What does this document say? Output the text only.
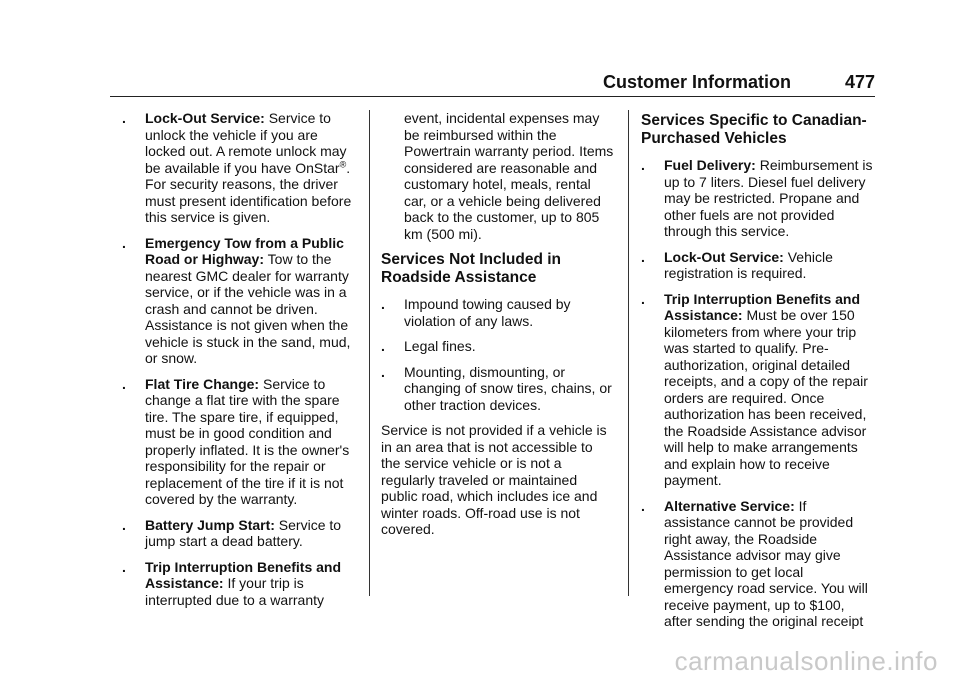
Customer Information	477
. Lock-Out Service: Service to unlock the vehicle if you are locked out. A remote unlock may be available if you have OnStar®. For security reasons, the driver must present identification before this service is given.
. Emergency Tow from a Public Road or Highway: Tow to the nearest GMC dealer for warranty service, or if the vehicle was in a crash and cannot be driven. Assistance is not given when the vehicle is stuck in the sand, mud, or snow.
. Flat Tire Change: Service to change a flat tire with the spare tire. The spare tire, if equipped, must be in good condition and properly inflated. It is the owner's responsibility for the repair or replacement of the tire if it is not covered by the warranty.
. Battery Jump Start: Service to jump start a dead battery.
. Trip Interruption Benefits and Assistance: If your trip is interrupted due to a warranty
event, incidental expenses may be reimbursed within the Powertrain warranty period. Items considered are reasonable and customary hotel, meals, rental car, or a vehicle being delivered back to the customer, up to 805 km (500 mi).
Services Not Included in Roadside Assistance
. Impound towing caused by violation of any laws.
. Legal fines.
. Mounting, dismounting, or changing of snow tires, chains, or other traction devices.

Service is not provided if a vehicle is in an area that is not accessible to the service vehicle or is not a regularly traveled or maintained public road, which includes ice and winter roads. Off-road use is not covered.

Services Specific to Canadian-Purchased Vehicles
. Fuel Delivery: Reimbursement is up to 7 liters. Diesel fuel delivery may be restricted. Propane and other fuels are not provided through this service.
. Lock-Out Service: Vehicle registration is required.
. Trip Interruption Benefits and Assistance: Must be over 150 kilometers from where your trip was started to qualify. Pre-authorization, original detailed receipts, and a copy of the repair orders are required. Once authorization has been received, the Roadside Assistance advisor will help to make arrangements and explain how to receive payment.
. Alternative Service: If assistance cannot be provided right away, the Roadside Assistance advisor may give permission to get local emergency road service. You will receive payment, up to $100, after sending the original receipt
carmanualsonline.info
